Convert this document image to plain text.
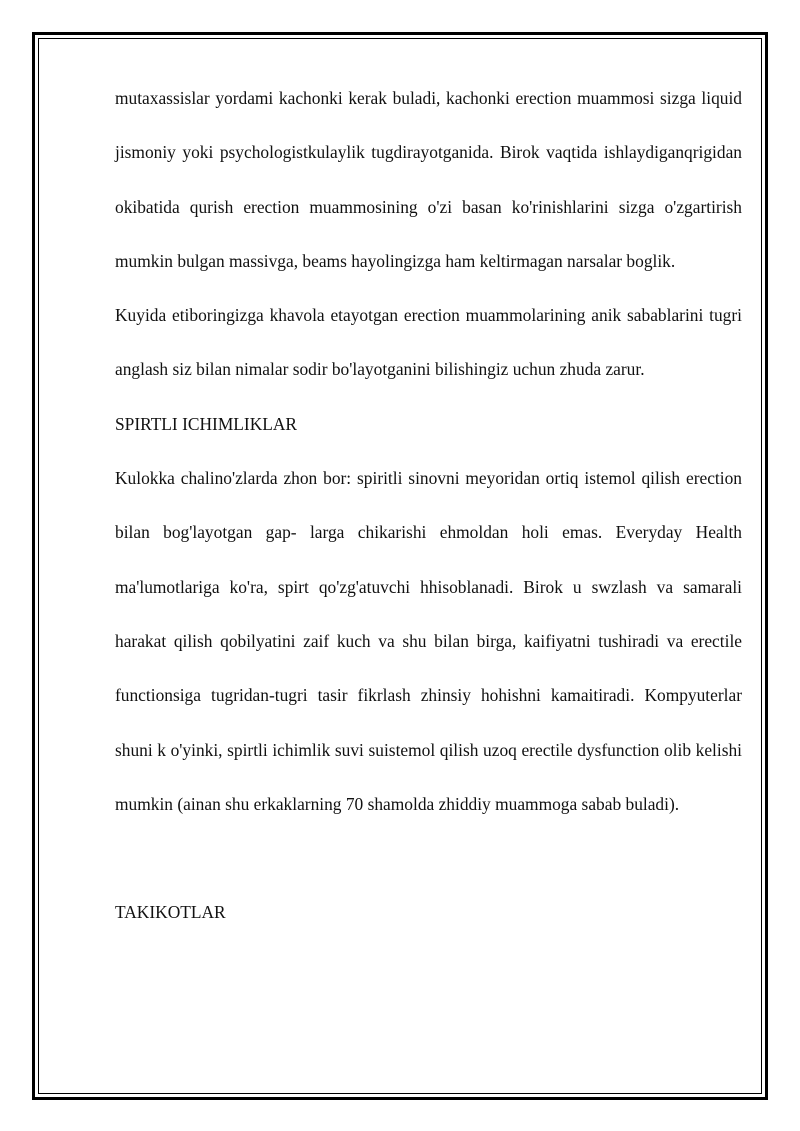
mutaxassislar yordami kachonki kerak buladi, kachonki erection muammosi sizga liquid jismoniy yoki psychologistkulaylik tugdirayotganida. Birok vaqtida ishlaydiganqrigidan okibatida qurish erection muammosining o'zi basan ko'rinishlarini sizga o'zgartirish mumkin bulgan massivga, beams hayolingizga ham keltirmagan narsalar boglik.

Kuyida etiboringizga khavola etayotgan erection muammolarining anik sabablarini tugri anglash siz bilan nimalar sodir bo'layotganini bilishingiz uchun zhuda zarur.

SPIRTLI ICHIMLIKLAR

Kulokka chalino'zlarda zhon bor: spiritli sinovni meyoridan ortiq istemol qilish erection bilan bog'layotgan gap- larga chikarishi ehmoldan holi emas. Everyday Health ma'lumotlariga ko'ra, spirt qo'zg'atuvchi hhisoblanadi. Birok u swzlash va samarali harakat qilish qobilyatini zaif kuch va shu bilan birga, kaifiyatni tushiradi va erectile functionsiga tugridan-tugri tasir fikrlash zhinsiy hohishni kamaitiradi. Kompyuterlar shuni k o'yinki, spirtli ichimlik suvi suistemol qilish uzoq erectile dysfunction olib kelishi mumkin (ainan shu erkaklarning 70 shamolda zhiddiy muammoga sabab buladi).

TAKIKOTLAR
